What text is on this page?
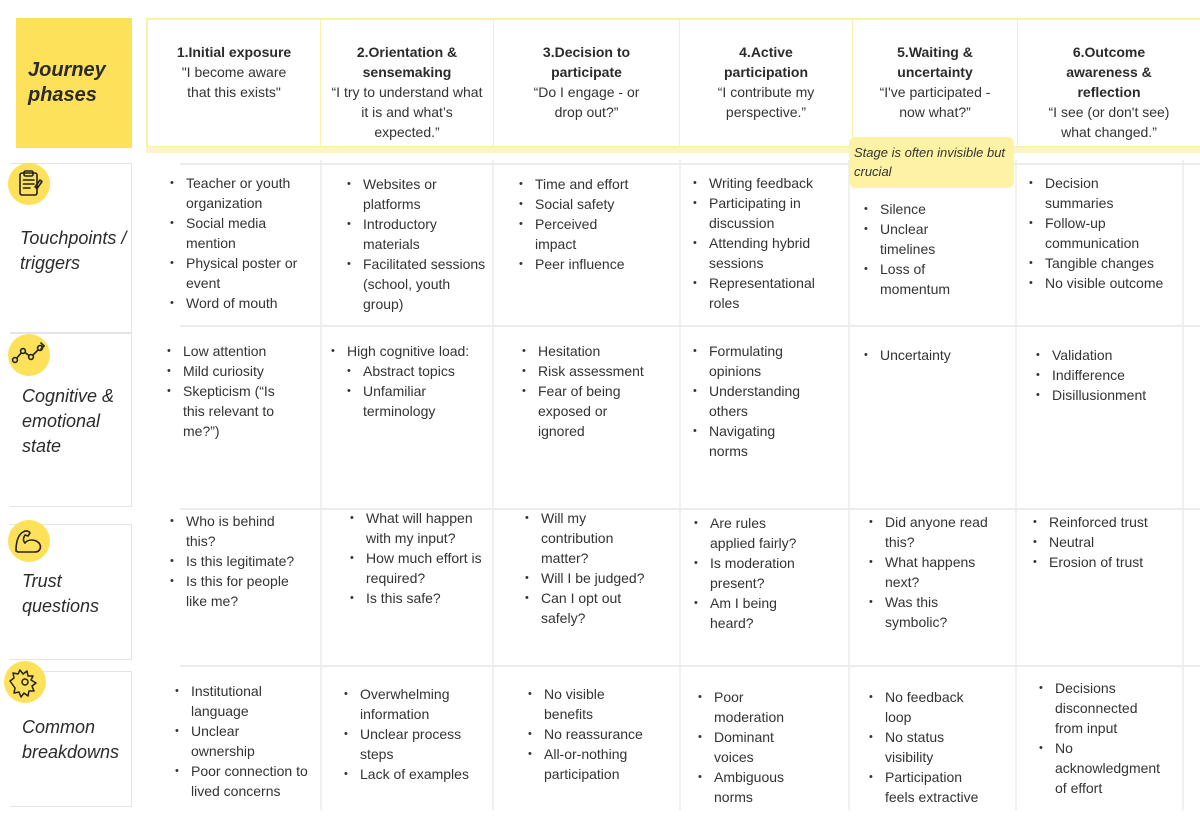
Journey
phases
1.Initial exposure
"I become aware that this exists"
2.Orientation & sensemaking
“I try to understand what it is and what’s expected.”
3.Decision to participate
“Do I engage - or drop out?”
4.Active participation
“I contribute my perspective.”
5.Waiting & uncertainty
“I've participated - now what?”
6.Outcome awareness & reflection
“I see (or don't see) what changed.”
Touchpoints / triggers
Cognitive & emotional state
Trust questions
Common breakdowns
Stage is often invisible but crucial
• Teacher or youth organization
• Social media mention
• Physical poster or event
• Word of mouth
• Websites or platforms
• Introductory materials
• Facilitated sessions (school, youth group)
• Time and effort
• Social safety
• Perceived impact
• Peer influence
• Writing feedback
• Participating in discussion
• Attending hybrid sessions
• Representational roles
• Silence
• Unclear timelines
• Loss of momentum
• Decision summaries
• Follow-up communication
• Tangible changes
• No visible outcome
• Low attention
• Mild curiosity
• Skepticism (“Is this relevant to me?”)
• High cognitive load:
• Abstract topics
• Unfamiliar terminology
• Hesitation
• Risk assessment
• Fear of being exposed or ignored
• Formulating opinions
• Understanding others
• Navigating norms
• Uncertainty
•	Validation
• Indifference
• Disillusionment
• Who is behind this?
• Is this legitimate?
• Is this for people like me?
• What will happen with my input?
• How much effort is required?
• Is this safe?
• Will my contribution matter?
• Will I be judged?
• Can I opt out safely?
• Are rules applied fairly?
• Is moderation present?
• Am I being heard?
• Did anyone read this?
• What happens next?
• Was this symbolic?
• Reinforced trust
• Neutral
• Erosion of trust
• Institutional language
• Unclear ownership
• Poor connection to lived concerns
• Overwhelming information
• Unclear process steps
• Lack of examples
• No visible benefits
• No reassurance
• All-or-nothing participation
• Poor moderation
• Dominant voices
• Ambiguous norms
• No feedback loop
• No status visibility
• Participation feels extractive
• Decisions disconnected from input
• No acknowledgment of effort
